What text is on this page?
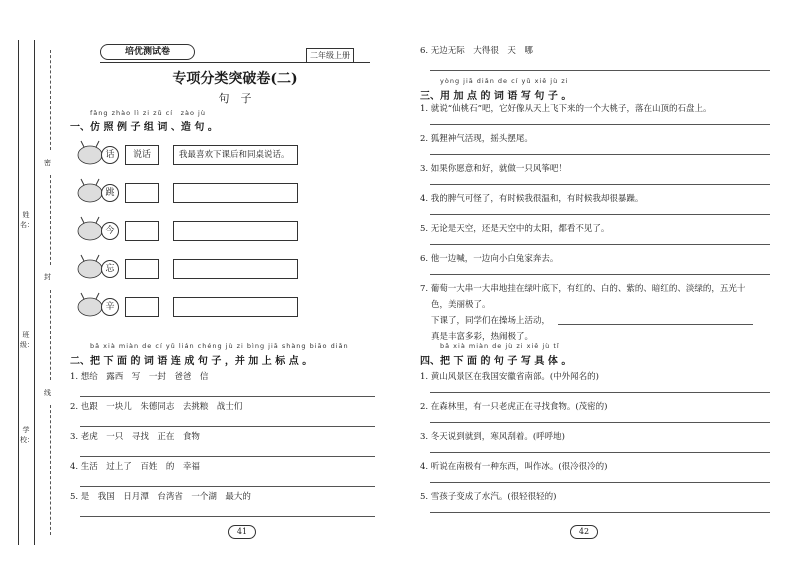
姓名：
班级：
学校：
密
封
线
培优测试卷	二年级上册
专项分类突破卷(二)
句　子
fǎng zhào lì zi zǔ cí　zào jù
一、仿 照 例 子 组 词 、造 句 。
bǎ xià miàn de cí yǔ lián chéng jù zi bìng jiā shàng biāo diǎn
二、把 下 面 的 词 语 连 成 句 子 ，并 加 上 标 点 。
1. 想给　露西　写　一封　爸爸　信
2. 也跟　一块儿　朱德同志　去挑粮　战士们
3. 老虎　一只　寻找　正在　食物
4. 生活　过上了　百姓　的　幸福
5. 是　我国　日月潭　台湾省　一个湖　最大的
41
话	说话	我最喜欢下课后和同桌说话。
跳
今
忘
辛
6. 无边无际　大得很　天　哪
yòng jiā diǎn de cí yǔ xiě jù zi
三、用 加 点 的 词 语 写 句 子 。
7. 葡萄一大串一大串地挂在绿叶底下，有红的、白的、紫的、暗红的、淡绿的，五光十
色，美丽极了。
下课了，同学们在操场上活动，
真是丰富多彩，热闹极了。
bǎ xià miàn de jù zi xiě jù tǐ
四、把 下 面 的 句 子 写 具 体 。
42
1. 就说“仙桃石”吧，它好像从天上飞下来的一个大桃子，落在山顶的石盘上。
2. 狐狸神气活现，摇头摆尾。
3. 如果你愿意和好，就做一只风筝吧！
4. 我的脾气可怪了，有时候我很温和，有时候我却很暴躁。
5. 无论是天空，还是天空中的太阳，都看不见了。
6. 他一边喊，一边向小白兔家奔去。
1. 黄山风景区在我国安徽省南部。(中外闻名的)
2. 在森林里，有一只老虎正在寻找食物。(茂密的)
3. 冬天说到就到，寒风刮着。(呼呼地)
4. 听说在南极有一种东西，叫作冰。(很冷很冷的)
5. 雪孩子变成了水汽。(很轻很轻的)
